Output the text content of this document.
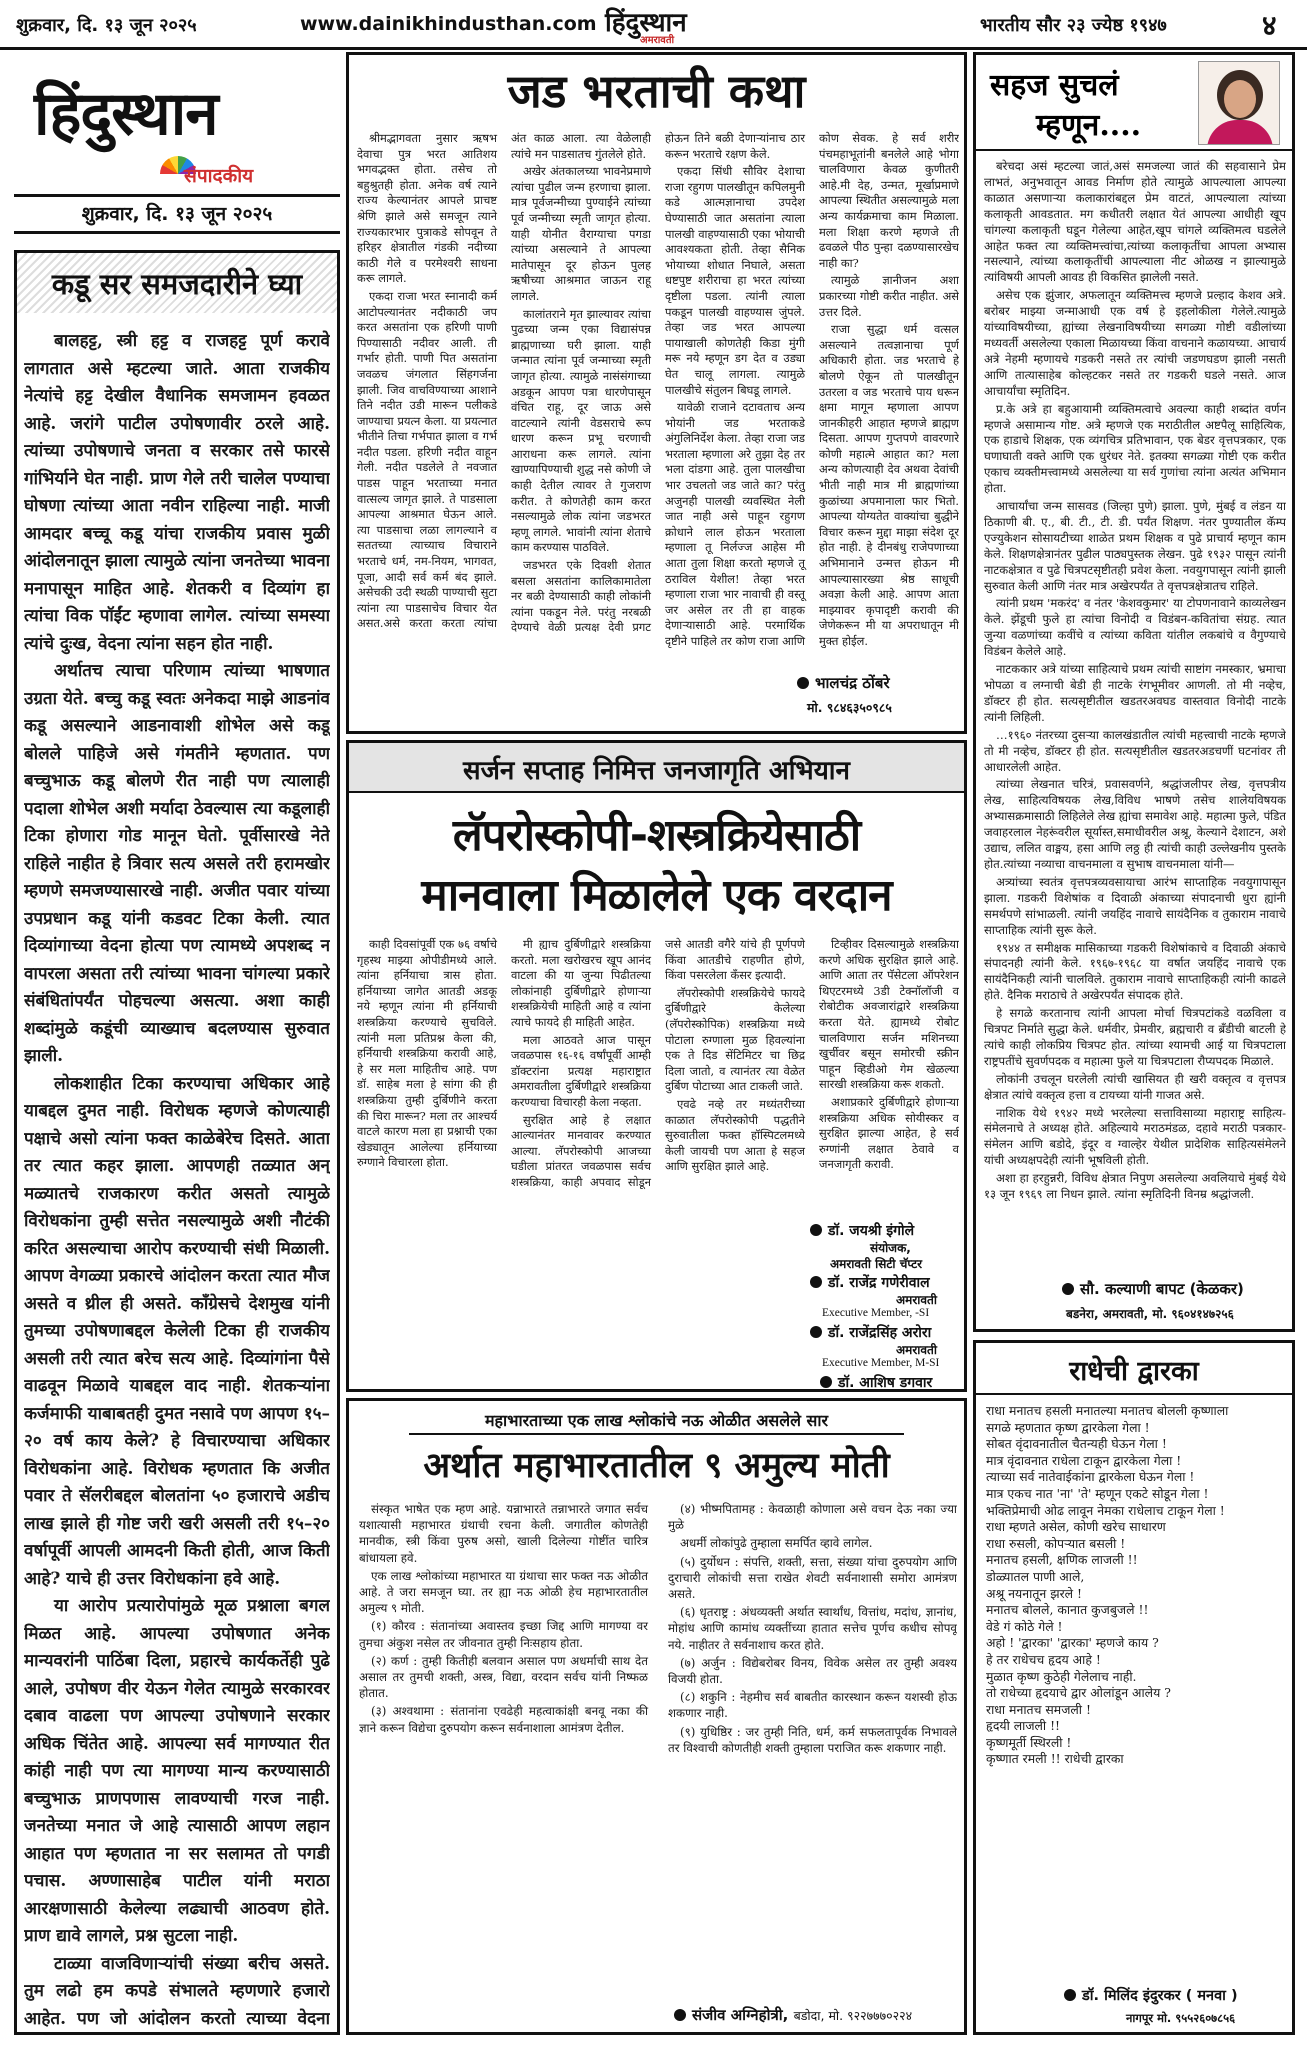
शुक्रवार, दि. १३ जून २०२५	www.dainikhindusthan.com हिंदुस्थान
अमरावती
भारतीय सौर २३ ज्येष्ठ १९४७	४
हिंदुस्थान
संपादकीय
शुक्रवार, दि. १३ जून २०२५
कडू सर समजदारीने घ्या

बालहट्ट, स्त्री हट्ट व राजहट्ट पूर्ण करावे लागतात असे म्हटल्या जाते. आता राजकीय नेत्यांचे हट्ट देखील वैधानिक समजामन हवळत आहे. जरांगे पाटील उपोषणावीर ठरले आहे. त्यांच्या उपोषणाचे जनता व सरकार तसे फारसे गांभिर्याने घेत नाही. प्राण गेले तरी चालेल पण्याचा घोषणा त्यांच्या आता नवीन राहिल्या नाही. माजी आमदार बच्चू कडू यांचा राजकीय प्रवास मुळी आंदोलनातून झाला त्यामुळे त्यांना जनतेच्या भावना मनापासून माहित आहे. शेतकरी व दिव्यांग हा त्यांचा विक पॉईंट म्हणावा लागेल. त्यांच्या समस्या त्यांचे दुःख, वेदना त्यांना सहन होत नाही.

अर्थातच त्याचा परिणाम त्यांच्या भाषणात उग्रता येते. बच्चु कडू स्वतः अनेकदा माझे आडनांव कडू असल्याने आडनावाशी शोभेल असे कडू बोलले पाहिजे असे गंमतीने म्हणतात. पण बच्चुभाऊ कडू बोलणे रीत नाही पण त्यालाही पदाला शोभेल अशी मर्यादा ठेवल्यास त्या कडूलाही टिका होणारा गोड मानून घेतो. पूर्वीसारखे नेते राहिले नाहीत हे त्रिवार सत्य असले तरी हरामखोर म्हणणे समजण्यासारखे नाही. अजीत पवार यांच्या उपप्रधान कडू यांनी कडवट टिका केली. त्यात दिव्यांगाच्या वेदना होत्या पण त्यामध्ये अपशब्द न वापरला असता तरी त्यांच्या भावना चांगल्या प्रकारे संबंधितांपर्यंत पोहचल्या असत्या. अशा काही शब्दांमुळे कडूंची व्याख्याच बदलण्यास सुरुवात झाली.

लोकशाहीत टिका करण्याचा अधिकार आहे याबद्दल दुमत नाही. विरोधक म्हणजे कोणत्याही पक्षाचे असो त्यांना फक्त काळेबेरेच दिसते. आता तर त्यात कहर झाला. आपणही तळ्यात अन् मळ्यातचे राजकारण करीत असतो त्यामुळे विरोधकांना तुम्ही सत्तेत नसल्यामुळे अशी नौटंकी करित असल्याचा आरोप करण्याची संधी मिळाली. आपण वेगळ्या प्रकारचे आंदोलन करता त्यात मौज असते व थ्रील ही असते. कॉंग्रेसचे देशमुख यांनी तुमच्या उपोषणाबद्दल केलेली टिका ही राजकीय असली तरी त्यात बरेच सत्य आहे. दिव्यांगांना पैसे वाढवून मिळावे याबद्दल वाद नाही. शेतकऱ्यांना कर्जमाफी याबाबतही दुमत नसावे पण आपण १५–२० वर्ष काय केले? हे विचारण्याचा अधिकार विरोधकांना आहे. विरोधक म्हणतात कि अजीत पवार ते सॅलरीबद्दल बोलतांना ५० हजाराचे अडीच लाख झाले ही गोष्ट जरी खरी असली तरी १५–२० वर्षापूर्वी आपली आमदनी किती होती, आज किती आहे? याचे ही उत्तर विरोधकांना हवे आहे.

या आरोप प्रत्यारोपांमुळे मूळ प्रश्नाला बगल मिळत आहे. आपल्या उपोषणात अनेक मान्यवरांनी पाठिंबा दिला, प्रहारचे कार्यकर्तेही पुढे आले, उपोषण वीर येऊन गेलेत त्यामुळे सरकारवर दबाव वाढला पण आपल्या उपोषणाने सरकार अधिक चिंतेत आहे. आपल्या सर्व मागण्यात रीत कांही नाही पण त्या मागण्या मान्य करण्यासाठी बच्चुभाऊ प्राणपणास लावण्याची गरज नाही. जनतेच्या मनात जे आहे त्यासाठी आपण लहान आहात पण म्हणतात ना सर सलामत तो पगडी पचास. अण्णासाहेब पाटील यांनी मराठा आरक्षणासाठी केलेल्या लढ्याची आठवण होते. प्राण द्यावे लागले, प्रश्न सुटला नाही.

टाळ्या वाजविणाऱ्यांची संख्या बरीच असते. तुम लढो हम कपडे संभालते म्हणणारे हजारो आहेत. पण जो आंदोलन करतो त्याच्या वेदना

जड भरताची कथा

श्रीमद्भागवता नुसार ऋषभ देवाचा पुत्र भरत आतिशय भगवद्भक्त होता. तसेच तो बहुश्रुतही होता. अनेक वर्ष त्याने राज्य केल्यानंतर आपले प्राचष्ट श्रेणि झाले असे समजून त्याने राज्यकारभार पुत्राकडे सोपवून ते हरिहर क्षेत्रातील गंडकी नदीच्या काठी गेले व परमेश्वरी साधना करू लागले.

एकदा राजा भरत स्नानादी कर्म आटोपल्यानंतर नदीकाठी जप करत असतांना एक हरिणी पाणी पिण्यासाठी नदीवर आली. ती गर्भार होती. पाणी पित असतांना जवळच जंगलात सिंहगर्जना झाली. जिव वाचविण्याच्या आशाने तिने नदीत उडी मारून पलीकडे जाण्याचा प्रयत्न केला. या प्रयत्नात भीतीने तिचा गर्भपात झाला व गर्भ नदीत पडला. हरिणी नदीत वाहून गेली. नदीत पडलेले ते नवजात पाडस पाहून भरताच्या मनात वात्सल्य जागृत झाले. ते पाडसाला आपल्या आश्रमात घेऊन आले. त्या पाडसाचा लळा लागल्याने व सततच्या त्याच्याच विचाराने भरताचे धर्म, नम-नियम, भागवत, पूजा, आदी सर्व कर्म बंद झाले. असेचकी उदी स्थळी पाण्याची सुटा त्यांना त्या पाडसाचेच विचार येत असत.असे करता करता त्यांचा अंत काळ आला. त्या वेळेलाही त्यांचे मन पाडसातच गुंतलेले होते.

अखेर अंतकालच्या भावनेप्रमाणे त्यांचा पुढील जन्म हरणाचा झाला. मात्र पूर्वजन्मीच्या पुण्याईने त्यांच्या पूर्व जन्मीच्या स्मृती जागृत होत्या. याही योनीत वैराग्याचा पगडा त्यांच्या असल्याने ते आपल्या मातेपासून दूर होऊन पुलह ऋषीच्या आश्रमात जाऊन राहू लागले.

कालांतराने मृत झाल्यावर त्यांचा पुढच्या जन्म एका विद्यासंपन्न ब्राह्मणाच्या घरी झाला. याही जन्मात त्यांना पूर्व जन्माच्या स्मृती जागृत होत्या. त्यामुळे नासंसंगाच्या अडकून आपण पत्रा धारणेपासून वंचित राहू, दूर जाऊ असे वाटल्याने त्यांनी वेडसराचे रूप धारण करून प्रभू चरणाची आराधना करू लागले. त्यांना खाण्यापिण्याची शुद्ध नसे कोणी जे काही देतील त्यावर ते गुजराण करीत. ते कोणतेही काम करत नसल्यामुळे लोक त्यांना जडभरत म्हणू लागले. भावांनी त्यांना शेताचे काम करण्यास पाठविले.

जडभरत एके दिवशी शेतात बसला असतांना कालिकामातेला नर बळी देण्यासाठी काही लोकांनी त्यांना पकडून नेले. परंतु नरबळी देण्याचे वेळी प्रत्यक्ष देवी प्रगट होऊन तिने बळी देणाऱ्यांनाच ठार करून भरताचे रक्षण केले.

एकदा सिंधी सौविर देशाचा राजा रहुगण पालखीतून कपिलमुनी कडे आत्मज्ञानाचा उपदेश घेण्यासाठी जात असतांना त्याला पालखी वाहण्यासाठी एका भोयाची आवश्यकता होती. तेव्हा सैनिक भोयाच्या शोधात निघाले, असता धष्टपुष्ट शरीराचा हा भरत त्यांच्या दृष्टीला पडला. त्यांनी त्याला पकडून पालखी वाहण्यास जुंपले. तेव्हा जड भरत आपल्या पायाखाली कोणतेही किडा मुंगी मरू नये म्हणून डग देत व उड्या घेत चालू लागला. त्यामुळे पालखीचे संतुलन बिघडू लागले.

यावेळी राजाने दटावताच अन्य भोयांनी जड भरताकडे अंगुलिनिर्देश केला. तेव्हा राजा जड भरताला म्हणाला अरे तुझा देह तर भला दांडगा आहे. तुला पालखीचा भार उचलतो जड जाते का? परंतु अजुनही पालखी व्यवस्थित नेली जात नाही असे पाहून रहुगण क्रोधाने लाल होऊन भरताला म्हणाला तू निर्लज्ज आहेस मी आता तुला शिक्षा करतो म्हणजे तू ठराविल येशील! तेव्हा भरत म्हणाला राजा भार नावाची ही वस्तू जर असेल तर ती हा वाहक देणाऱ्यासाठी आहे. परमार्थिक दृष्टीने पाहिले तर कोण राजा आणि कोण सेवक. हे सर्व शरीर पंचमहाभूतांनी बनलेले आहे भोगा चालविणारा केवळ कुणीतरी आहे.मी देह, उन्मत, मूर्खाप्रमाणे आपल्या स्थितीत असल्यामुळे मला अन्य कार्यक्रमाचा काम मिळाला. मला शिक्षा करणे म्हणजे ती ढवळले पीठ पुन्हा दळण्यासारखेच नाही का?

त्यामुळे ज्ञानीजन अशा प्रकारच्या गोष्टी करीत नाहीत. असे उत्तर दिले.

राजा सुद्धा धर्म वत्सल असल्याने तत्वज्ञानाचा पूर्ण अधिकारी होता. जड भरताचे हे बोलणे ऐकून तो पालखीतून उतरला व जड भरताचे पाय धरून क्षमा मागून म्हणाला आपण जानकीहरी आहात म्हणजे ब्राह्मण दिसता. आपण गुप्तपणे वावरणारे कोणी महात्मे आहात का? मला अन्य कोणत्याही देव अथवा देवांची भीती नाही मात्र मी ब्राह्मणांच्या कुळांच्या अपमानाला फार भितो. आपल्या योग्यतेत वाक्यांचा बुद्धीने विचार करून मुद्दा माझा संदेश दूर होत नाही. हे दीनबंधु राजेपणाच्या अभिमानाने उन्मत्त होऊन मी आपल्यासारख्या श्रेष्ठ साधूची अवज्ञा केली आहे. आपण आता माझ्यावर कृपादृष्टी करावी की जेणेकरून मी या अपराधातून मी मुक्त होईल.

भालचंद्र ठोंबरे
मो. ९८४६३५०९८५
सर्जन सप्ताह निमित्त जनजागृति अभियान
लॅपरोस्कोपी-शस्त्रक्रियेसाठी
मानवाला मिळालेले एक वरदान

काही दिवसांपूर्वी एक ७६ वर्षाचे गृहस्थ माझ्या ओपीडीमध्ये आले. त्यांना हर्नियाचा त्रास होता. हर्नियाच्या जागेत आतडी अडकू नये म्हणून त्यांना मी हर्नियाची शस्त्रक्रिया करण्याचे सुचविले. त्यांनी मला प्रतिप्रश्न केला की, हर्नियाची शस्त्रक्रिया करावी आहे, हे सर मला माहितीच आहे. पण डॉ. साहेब मला हे सांगा की ही शस्त्रक्रिया तुम्ही दुर्बिणीने करता की चिरा मारून? मला तर आश्चर्य वाटले कारण मला हा प्रश्नाची एका खेड्यातून आलेल्या हर्नियाच्या रुग्णाने विचारला होता.

मी ह्याच दुर्बिणीद्वारे शस्त्रक्रिया करतो. मला खरोखरच खूप आनंद वाटला की या जुन्या पिढीतल्या लोकांनाही दुर्बिणीद्वारे होणाऱ्या शस्त्रक्रियेची माहिती आहे व त्यांना त्याचे फायदे ही माहिती आहेत.

मला आठवते आज पासून जवळपास १६-१६ वर्षांपूर्वी आम्ही डॉक्टरांना प्रत्यक्ष महाराष्ट्रात अमरावतीला दुर्बिणीद्वारे शस्त्रक्रिया करण्याचा विचारही केला नव्हता.

सुरक्षित आहे हे लक्षात आल्यानंतर मानवावर करण्यात आल्या. लॅपरोस्कोपी आजच्या घडीला प्रांतरत जवळपास सर्वच शस्त्रक्रिया, काही अपवाद सोडून जसे आतडी वगैरे यांचे ही पूर्णपणे किंवा आतडीचे राहणीत होणे, किंवा पसरलेला कँसर इत्यादी.

लॅपरोस्कोपी शस्त्रक्रियेचे फायदे दुर्बिणीद्वारे केलेल्या (लॅपरोस्कोपिक) शस्त्रक्रिया मध्ये पोटाला रुग्णाला मुळ हिवल्यांना एक ते दिड सेंटिमिटर चा छिद्र दिला जातो, व त्यानंतर त्या वेळेत दुर्बिण पोटाच्या आत टाकली जाते.

एवढे नव्हे तर मध्यंतरीच्या काळात लॅपरोस्कोपी पद्धतीने सुरुवातीला फक्त हॉस्पिटलमध्ये केली जायची पण आता हे सहज आणि सुरक्षित झाले आहे.

टिव्हीवर दिसल्यामुळे शस्त्रक्रिया करणे अधिक सुरक्षित झाले आहे. आणि आता तर पॅसेटला ऑपरेशन थिएटरमध्ये 3डी टेक्नॉलॉजी व रोबोटीक अवजारांद्वारे शस्त्रक्रिया करता येते. ह्यामध्ये रोबोट चालविणारा सर्जन मशिनच्या खुर्चीवर बसून समोरची स्क्रीन पाहून व्हिडीओ गेम खेळल्या सारखी शस्त्रक्रिया करू शकतो.

अशाप्रकारे दुर्बिणीद्वारे होणाऱ्या शस्त्रक्रिया अधिक सोयीस्कर व सुरक्षित झाल्या आहेत, हे सर्व रुग्णांनी लक्षात ठेवावे व जनजागृती करावी.

डॉ. जयश्री इंगोले
संयोजक,
अमरावती सिटी चॅप्टर
डॉ. राजेंद्र गणेरीवाल
अमरावती
Executive Member, -SI
डॉ. राजेंद्रसिंह अरोरा
अमरावती
Executive Member, M-SI
डॉ. आशिष डगवार
महाभारताच्या एक लाख श्लोकांचे नऊ ओळीत असलेले सार
अर्थात महाभारतातील ९ अमुल्य मोती

संस्कृत भाषेत एक म्हण आहे. यन्नाभारते तन्नाभारते जगात सर्वच यशात्यासी महाभारत ग्रंथाची रचना केली. जगातील कोणतेही मानवीक, स्त्री किंवा पुरुष असो, खाली दिलेल्या गोष्टींत चारित्र बांधायला हवे.

एक लाख श्लोकांच्या महाभारत या ग्रंथाचा सार फक्त नऊ ओळीत आहे. ते जरा समजून घ्या. तर ह्या नऊ ओळी हेच महाभारतातील अमुल्य ९ मोती.

(१) कौरव : संतानांच्या अवास्तव इच्छा जिद्द आणि मागण्या वर तुमचा अंकुश नसेल तर जीवनात तुम्ही निःसहाय होता.

(२) कर्ण : तुम्ही कितीही बलवान असाल पण अधर्माची साथ देत असाल तर तुमची शक्ती, अस्त्र, विद्या, वरदान सर्वच यांनी निष्फळ होतात.

(३) अश्वथामा : संतानांना एवढेही महत्वाकांक्षी बनवू नका की ज्ञाने करून विद्येचा दुरुपयोग करून सर्वनाशाला आमंत्रण देतील.

(४) भीष्मपितामह : केवळाही कोणाला असे वचन देऊ नका ज्या मुळे

अधर्मी लोकांपुढे तुम्हाला समर्पित व्हावे लागेल.

(५) दुर्योधन : संपत्ति, शक्ती, सत्ता, संख्या यांचा दुरुपयोग आणि दुराचारी लोकांची सत्ता राखेत शेवटी सर्वनाशासी समोरा आमंत्रण असते.

(६) धृतराष्ट्र : अंधव्यक्ती अर्थात स्वार्थांध, वित्तांध, मदांध, ज्ञानांध, मोहांध आणि कामांध व्यक्तींच्या हातात सत्तेच पूर्णच कधीच सोपवू नये. नाहीतर ते सर्वनाशाच करत होते.

(७) अर्जुन : विद्येबरोबर विनय, विवेक असेल तर तुम्ही अवश्य विजयी होता.

(८) शकुनि : नेहमीच सर्व बाबतीत कारस्थान करून यशस्वी होऊ शकणार नाही.

(९) युधिष्ठिर : जर तुम्ही निति, धर्म, कर्म सफलतापूर्वक निभावले तर विश्वाची कोणतीही शक्ती तुम्हाला पराजित करू शकणार नाही.

संजीव अग्निहोत्री, बडोदा, मो. ९२२७७७०२२४
सहज सुचलं
म्हणून....

बरेचदा असं म्हटल्या जातं,असं समजल्या जातं की सहवासाने प्रेम लाभतं, अनुभवातून आवड निर्माण होते त्यामुळे आपल्याला आपल्या काळात असणाऱ्या कलाकारांबद्दल प्रेम वाटतं, आपल्याला त्यांच्या कलाकृती आवडतात. मग कधीतरी लक्षात येतं आपल्या आधीही खूप चांगल्या कलाकृती घडून गेलेल्या आहेत,खूप चांगले व्यक्तिमत्व घडलेले आहेत फक्त त्या व्यक्तिमत्त्वांचा,त्यांच्या कलाकृतींचा आपला अभ्यास नसल्याने, त्यांच्या कलाकृतींची आपल्याला नीट ओळख न झाल्यामुळे त्यांविषयी आपली आवड ही विकसित झालेली नसते.

असेच एक झुंजार, अफलातून व्यक्तिमत्त्व म्हणजे प्रल्हाद केशव अत्रे. बरोबर माझ्या जन्माआधी एक वर्ष हे इहलोकीला गेलेले.त्यामुळे यांच्याविषयीच्या, ह्यांच्या लेखनाविषयीच्या सगळ्या गोष्टी वडीलांच्या मध्यवर्ती असलेल्या एकाला मिळायच्या किंवा वाचनाने कळायच्या. आचार्य अत्रे नेहमी म्हणायचे गडकरी नसते तर त्यांची जडणघडण झाली नसती आणि तात्यासाहेब कोल्हटकर नसते तर गडकरी घडले नसते. आज आचार्यांचा स्मृतिदिन.

प्र.के अत्रे हा बहुआयामी व्यक्तिमत्वाचे अवल्या काही शब्दांत वर्णन म्हणजे असामान्य गोष्ट. अत्रे म्हणजे एक मराठीतील अष्टपैलू साहित्यिक, एक हाडाचे शिक्षक, एक व्यंगचित्र प्रतिभावान, एक बेडर वृत्तपत्रकार, एक घणाघाती वक्ते आणि एक धुरंधर नेते. इतक्या सगळ्या गोष्टी एक करीत एकाच व्यक्तीमत्त्वामध्ये असलेल्या या सर्व गुणांचा त्यांना अत्यंत अभिमान होता.

आचार्यांचा जन्म सासवड (जिल्हा पुणे) झाला. पुणे, मुंबई व लंडन या ठिकाणी बी. ए., बी. टी., टी. डी. पर्यंत शिक्षण. नंतर पुण्यातील कॅम्प एज्युकेशन सोसायटीच्या शाळेत प्रथम शिक्षक व पुढे प्राचार्य म्हणून काम केले. शिक्षणक्षेत्रानंतर पुढील पाठ्यपुस्तक लेखन. पुढे १९३२ पासून त्यांनी नाटकक्षेत्रात व पुढे चित्रपटसृष्टीतही प्रवेश केला. नवयुगपासून त्यांनी झाली सुरुवात केली आणि नंतर मात्र अखेरपर्यंत ते वृत्तपत्रक्षेत्रातच राहिले.

त्यांनी प्रथम 'मकरंद' व नंतर 'केशवकुमार' या टोपणनावाने काव्यलेखन केले. झेंडूची फुले हा त्यांचा विनोदी व विडंबन-कवितांचा संग्रह. त्यात जुन्या वळणांच्या कवींचे व त्यांच्या कविता यांतील लकबांचे व वैगुण्याचे विडंबन केलेले आहे.

नाटककार अत्रे यांच्या साहित्याचे प्रथम त्यांची साष्टांग नमस्कार, भ्रमाचा भोपळा व लग्नाची बेडी ही नाटके रंगभूमीवर आणली. तो मी नव्हेच, डॉक्टर ही होत. सत्यसृष्टीतील खडतरअवघड वास्तवात विनोदी नाटके त्यांनी लिहिली.

…१९६० नंतरच्या दुसऱ्या कालखंडातील त्यांची महत्त्वाची नाटके म्हणजे तो मी नव्हेच, डॉक्टर ही होत. सत्यसृष्टीतील खडतरअडचणीं घटनांवर ती आधारलेली आहेत.

त्यांच्या लेखनात चरित्रं, प्रवासवर्णने, श्रद्धांजलीपर लेख, वृत्तपत्रीय लेख, साहित्यविषयक लेख,विविध भाषणे तसेच शालेयविषयक अभ्यासक्रमासाठी लिहिलेले लेख ह्यांचा समावेश आहे. महात्मा फुले, पंडित जवाहरलाल नेहरूंवरील सूर्यास्त,समाधीवरील अश्रू, केल्याने देशाटन, अशे उद्याच, ललित वाङ्मय, हसा आणि लठ्ठ ही त्यांची काही उल्लेखनीय पुस्तके होत.त्यांच्या नव्याचा वाचनमाला व सुभाष वाचनमाला यांनी—

अत्र्यांच्या स्वतंत्र वृत्तपत्रव्यवसायाचा आरंभ साप्ताहिक नवयुगापासून झाला. गडकरी विशेषांक व दिवाळी अंकाच्या संपादनाची धुरा ह्यांनी समर्थपणे सांभाळली. त्यांनी जयहिंद नावाचे सायंदैनिक व तुकाराम नावाचे साप्ताहिक त्यांनी सुरू केले.

१९४४ त समीक्षक मासिकाच्या गडकरी विशेषांकाचे व दिवाळी अंकाचे संपादनही त्यांनी केले. १९६७-१९६८ या वर्षात जयहिंद नावाचे एक सायंदैनिकही त्यांनी चालविले. तुकाराम नावाचे साप्ताहिकही त्यांनी काढले होते. दैनिक मराठाचे ते अखेरपर्यंत संपादक होते.

हे सगळे करतानाच त्यांनी आपला मोर्चा चित्रपटांकडे वळविला व चित्रपट निर्माते सुद्धा केले. धर्मवीर, प्रेमवीर, ब्रह्मचारी व ब्रँडीची बाटली हे त्यांचे काही लोकप्रिय चित्रपट होत. त्यांच्या श्यामची आई या चित्रपटाला राष्ट्रपतींचे सुवर्णपदक व महात्मा फुले या चित्रपटाला रौप्यपदक मिळाले.

लोकांनी उचलून घरलेली त्यांची खासियत ही खरी वक्तृत्व व वृत्तपत्र क्षेत्रात त्यांचे वक्तृत्व हत्ता व टायच्या यांनी गाजत असे.

नाशिक येथे १९४२ मध्ये भरलेल्या सत्ताविसाव्या महाराष्ट्र साहित्य-संमेलनाचे ते अध्यक्ष होते. अहिल्याये मराठमंडळ, दहावे मराठी पत्रकार-संमेलन आणि बडोदे, इंदूर व ग्वाल्हेर येथील प्रादेशिक साहित्यसंमेलने यांची अध्यक्षपदेही त्यांनी भूषविली होती.

अशा हा हरहुन्नरी, विविध क्षेत्रात निपुण असलेल्या अवलियाचे मुंबई येथे १३ जून १९६९ ला निधन झाले. त्यांना स्मृतिदिनी विनम्र श्रद्धांजली.

सौ. कल्याणी बापट (केळकर)
बडनेरा, अमरावती, मो. ९६०४१४७२५६
राधेची द्वारका
राधा मनातच हसली मनातल्या मनातच बोलली कृष्णाला
सगळे म्हणतात कृष्ण द्वारकेला गेला !
सोबत वृंदावनातील चैतन्यही घेऊन गेला !
मात्र वृंदावनात राधेला टाकून द्वारकेला गेला !
त्याच्या सर्व नातेवाईकांना द्वारकेला घेऊन गेला !
मात्र एकच नात 'ना' 'ते' म्हणून एकटे सोडून गेला !
भक्तिप्रेमाची ओढ लावून नेमका राधेलाच टाकून गेला !
राधा म्हणते असेल, कोणी खरेच साधारण
राधा रुसली, कोपऱ्यात बसली !
मनातच हसली, क्षणिक लाजली !!
डोळ्यातल पाणी आले,
अश्रू नयनातून झरले !
मनातच बोलले, कानात कुजबुजले !!
वेडे गं कोठे गेले !
अहो ! 'द्वारका' 'द्वारका' म्हणजे काय ?
हे तर राधेचच हृदय आहे !
मुळात कृष्ण कुठेही गेलेलाच नाही.
तो राधेच्या हृदयाचे द्वार ओलांडून आलेय ?
राधा मनातच समजली !
हृदयी लाजली !!
कृष्णमूर्ती स्थिरली !
कृष्णात रमली !! राधेची द्वारका
डॉ. मिलिंद इंदुरकर ( मनवा )
नागपूर मो. ९५५२६०७८५६
